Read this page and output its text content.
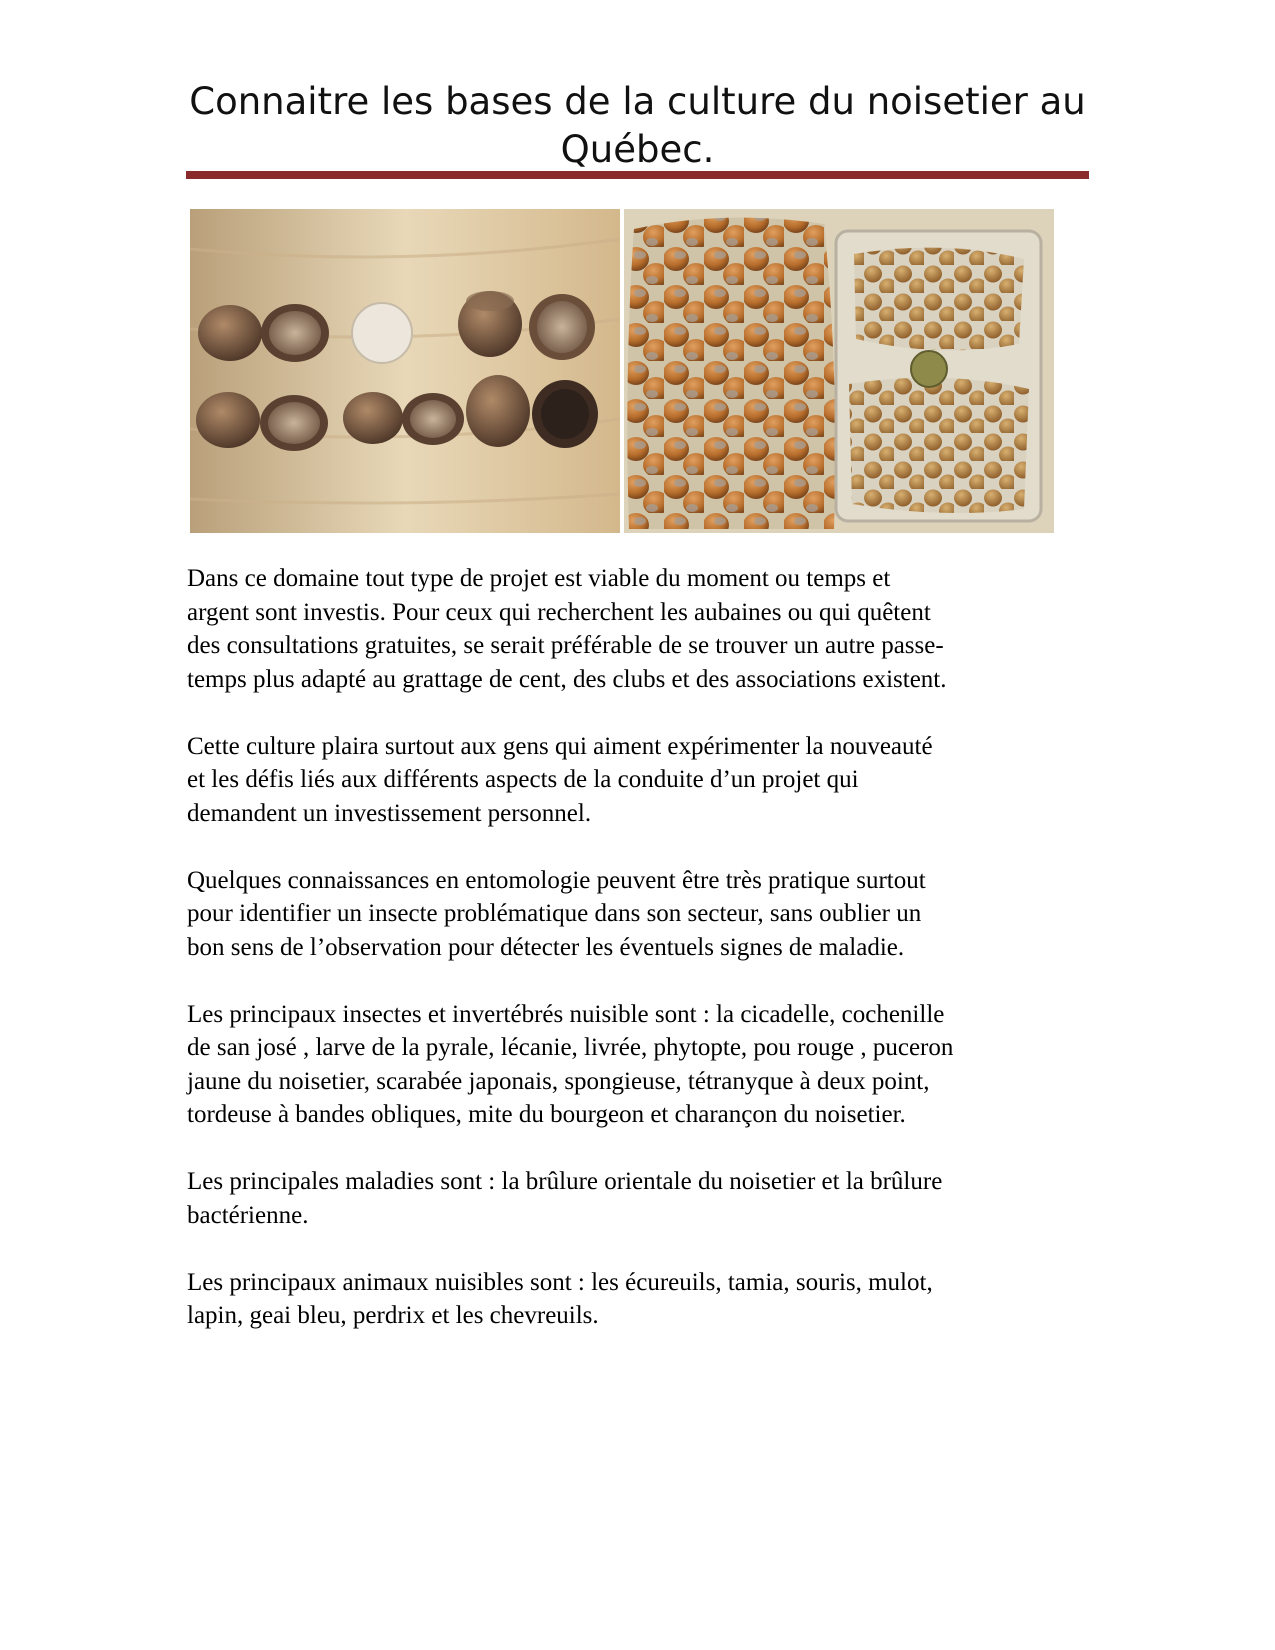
Connaitre les bases de la culture du noisetier au
Québec.

Dans ce domaine tout type de projet est viable du moment ou temps et
argent sont investis. Pour ceux qui recherchent les aubaines ou qui quêtent
des consultations gratuites, se serait préférable de se trouver un autre passe-
temps plus adapté au grattage de cent, des clubs et des associations existent.

Cette culture plaira surtout aux gens qui aiment expérimenter la nouveauté
et les défis liés aux différents aspects de la conduite d’un projet qui
demandent un investissement personnel.

Quelques connaissances en entomologie peuvent être très pratique surtout
pour identifier un insecte problématique dans son secteur, sans oublier un
bon sens de l’observation pour détecter les éventuels signes de maladie.

Les principaux insectes et invertébrés nuisible sont : la cicadelle, cochenille
de san josé , larve de la pyrale, lécanie, livrée, phytopte, pou rouge , puceron
jaune du noisetier, scarabée japonais, spongieuse, tétranyque à deux point,
tordeuse à bandes obliques, mite du bourgeon et charançon du noisetier.

Les principales maladies sont : la brûlure orientale du noisetier et la brûlure
bactérienne.

Les principaux animaux nuisibles sont : les écureuils, tamia, souris, mulot,
lapin, geai bleu, perdrix et les chevreuils.
